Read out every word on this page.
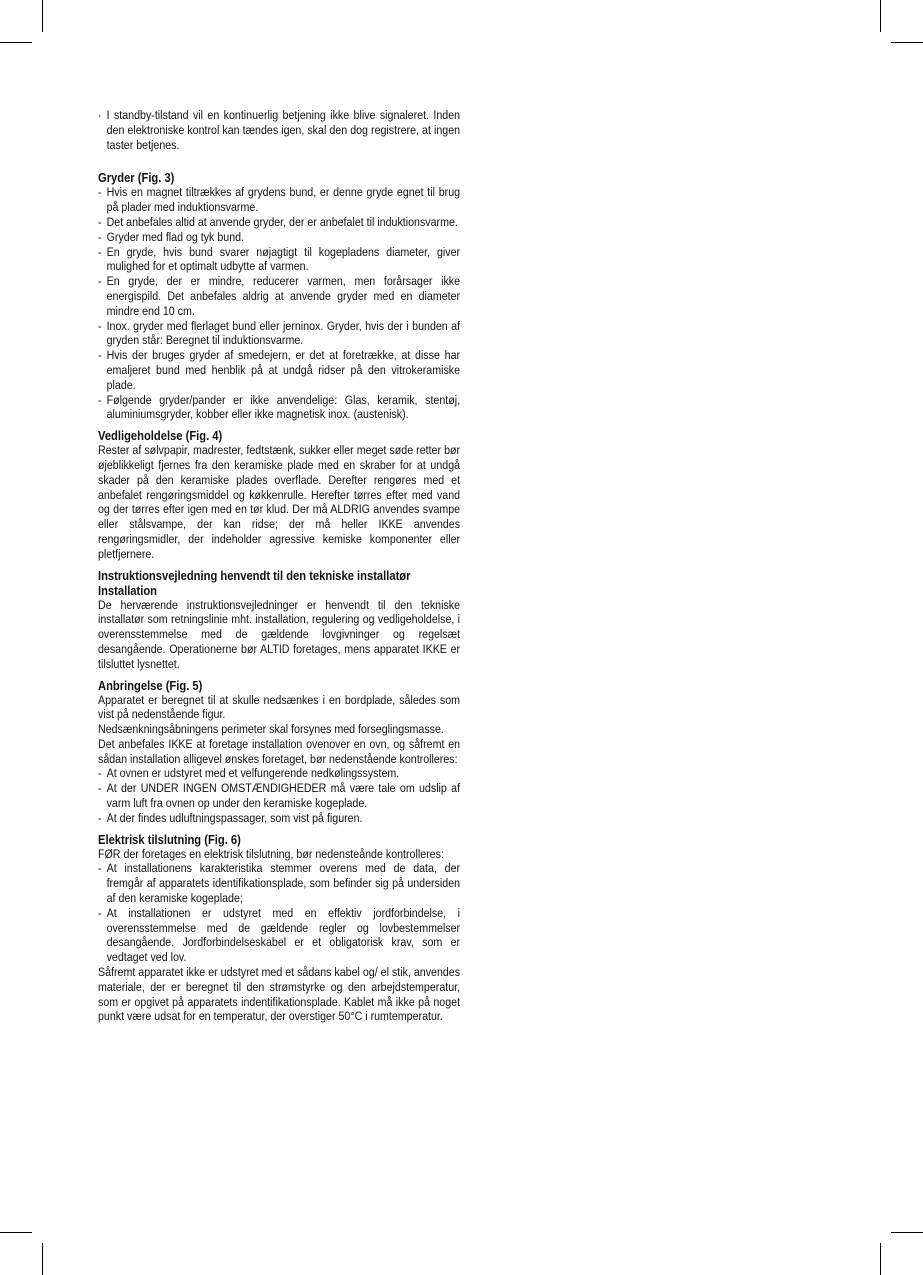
· I standby-tilstand vil en kontinuerlig betjening ikke blive signaleret. Inden den elektroniske kontrol kan tændes igen, skal den dog registrere, at ingen taster betjenes.
Gryder (Fig. 3)
- Hvis en magnet tiltrækkes af grydens bund, er denne gryde egnet til brug på plader med induktionsvarme.
- Det anbefales altid at anvende gryder, der er anbefalet til induktionsvarme.
- Gryder med flad og tyk bund.
- En gryde, hvis bund svarer nøjagtigt til kogepladens diameter, giver mulighed for et optimalt udbytte af varmen.
- En gryde, der er mindre, reducerer varmen, men forårsager ikke energispild. Det anbefales aldrig at anvende gryder med en diameter mindre end 10 cm.
- Inox. gryder med flerlaget bund eller jerninox. Gryder, hvis der i bunden af gryden står: Beregnet til induktionsvarme.
- Hvis der bruges gryder af smedejern, er det at foretrække, at disse har emaljeret bund med henblik på at undgå ridser på den vitrokeramiske plade.
- Følgende gryder/pander er ikke anvendelige: Glas, keramik, stentøj, aluminiumsgryder, kobber eller ikke magnetisk inox. (austenisk).
Vedligeholdelse (Fig. 4)

Rester af sølvpapir, madrester, fedtstænk, sukker eller meget søde retter bør øjeblikkeligt fjernes fra den keramiske plade med en skraber for at undgå skader på den keramiske plades overflade. Derefter rengøres med et anbefalet rengøringsmiddel og køkkenrulle. Herefter tørres efter med vand og der tørres efter igen med en tør klud. Der må ALDRIG anvendes svampe eller stålsvampe, der kan ridse; der må heller IKKE anvendes rengøringsmidler, der indeholder agressive kemiske komponenter eller pletfjernere.

Instruktionsvejledning henvendt til den tekniske installatør
Installation

De herværende instruktionsvejledninger er henvendt til den tekniske installatør som retningslinie mht. installation, regulering og vedligeholdelse, i overensstemmelse med de gældende lovgivninger og regelsæt desangående. Operationerne bør ALTID foretages, mens apparatet IKKE er tilsluttet lysnettet.

Anbringelse (Fig. 5)

Apparatet er beregnet til at skulle nedsænkes i en bordplade, således som vist på nedenstående figur.

Nedsænkningsåbningens perimeter skal forsynes med forseglingsmasse.

Det anbefales IKKE at foretage installation ovenover en ovn, og såfremt en sådan installation alligevel ønskes foretaget, bør nedenstående kontrolleres:

- At ovnen er udstyret med et velfungerende nedkølingssystem.
- At der UNDER INGEN OMSTÆNDIGHEDER må være tale om udslip af varm luft fra ovnen op under den keramiske kogeplade.
- At der findes udluftningspassager, som vist på figuren.
Elektrisk tilslutning (Fig. 6)

FØR der foretages en elektrisk tilslutning, bør nedensteånde kontrolleres:

- At installationens karakteristika stemmer overens med de data, der fremgår af apparatets identifikationsplade, som befinder sig på undersiden af den keramiske kogeplade;
- At installationen er udstyret med en effektiv jordforbindelse, i overensstemmelse med de gældende regler og lovbestemmelser desangående. Jordforbindelseskabel er et obligatorisk krav, som er vedtaget ved lov.

Såfremt apparatet ikke er udstyret med et sådans kabel og/ el stik, anvendes materiale, der er beregnet til den strømstyrke og den arbejdstemperatur, som er opgivet på apparatets indentifikationsplade. Kablet må ikke på noget punkt være udsat for en temperatur, der overstiger 50°C i rumtemperatur.
